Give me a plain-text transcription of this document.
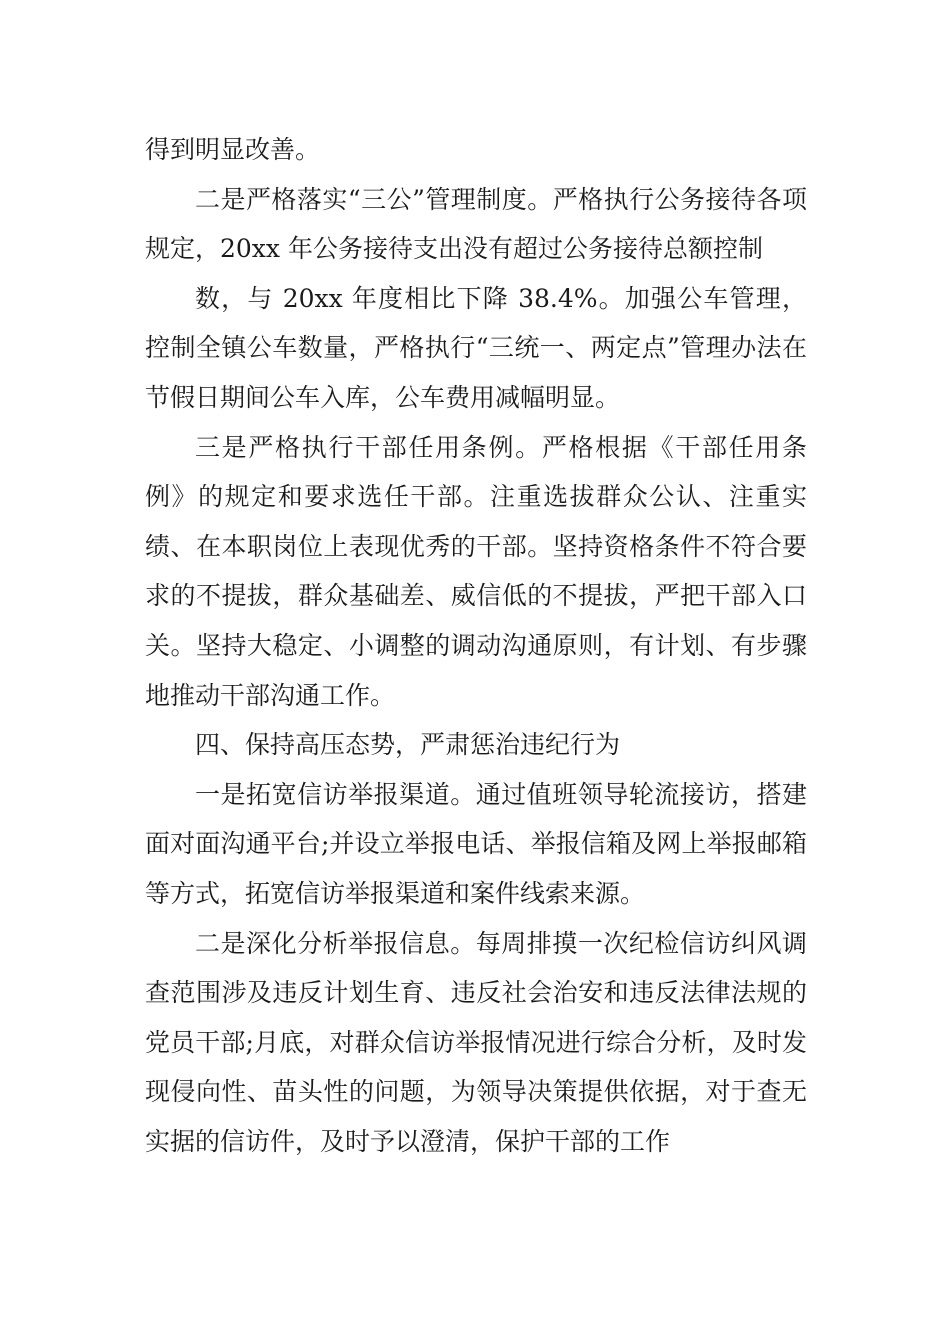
得到明显改善。

二是严格落实“三公”管理制度。严格执行公务接待各项规定，20xx 年公务接待支出没有超过公务接待总额控制

数，与 20xx 年度相比下降 38.4%。加强公车管理，控制全镇公车数量，严格执行“三统一、两定点”管理办法在节假日期间公车入库，公车费用减幅明显。

三是严格执行干部任用条例。严格根据《干部任用条例》的规定和要求选任干部。注重选拔群众公认、注重实绩、在本职岗位上表现优秀的干部。坚持资格条件不符合要求的不提拔，群众基础差、威信低的不提拔，严把干部入口关。坚持大稳定、小调整的调动沟通原则，有计划、有步骤地推动干部沟通工作。

四、保持高压态势，严肃惩治违纪行为

一是拓宽信访举报渠道。通过值班领导轮流接访，搭建面对面沟通平台;并设立举报电话、举报信箱及网上举报邮箱等方式，拓宽信访举报渠道和案件线索来源。

二是深化分析举报信息。每周排摸一次纪检信访纠风调查范围涉及违反计划生育、违反社会治安和违反法律法规的党员干部;月底，对群众信访举报情况进行综合分析，及时发现侵向性、苗头性的问题，为领导决策提供依据，对于查无实据的信访件，及时予以澄清，保护干部的工作
